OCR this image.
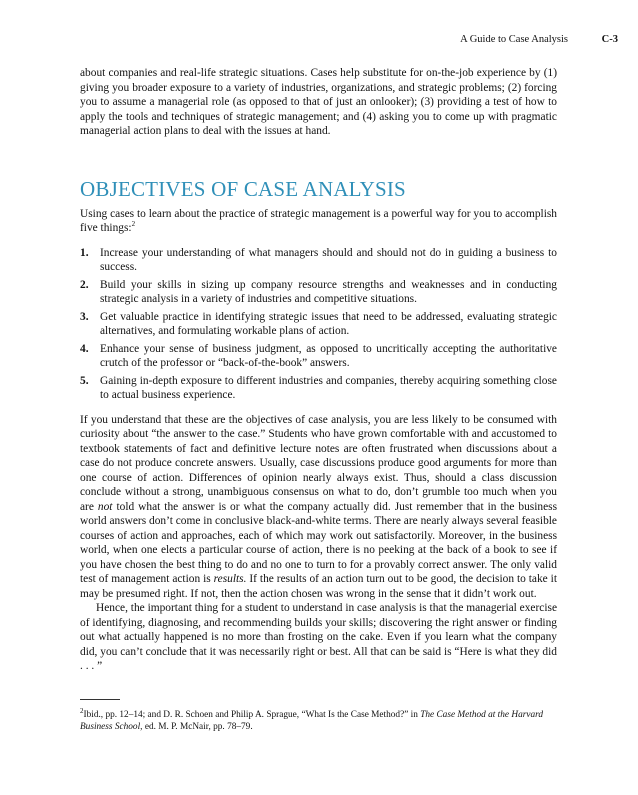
A Guide to Case Analysis	C-3

about companies and real-life strategic situations. Cases help substitute for on-the-job experience by (1) giving you broader exposure to a variety of industries, organizations, and strategic problems; (2) forcing you to assume a managerial role (as opposed to that of just an onlooker); (3) providing a test of how to apply the tools and techniques of strategic management; and (4) asking you to come up with pragmatic managerial action plans to deal with the issues at hand.

OBJECTIVES OF CASE ANALYSIS

Using cases to learn about the practice of strategic management is a powerful way for you to accomplish five things:$^2$

1. Increase your understanding of what managers should and should not do in guiding a business to success.
2. Build your skills in sizing up company resource strengths and weaknesses and in conducting strategic analysis in a variety of industries and competitive situations.
3. Get valuable practice in identifying strategic issues that need to be addressed, evaluating strategic alternatives, and formulating workable plans of action.
4. Enhance your sense of business judgment, as opposed to uncritically accepting the authoritative crutch of the professor or “back-of-the-book” answers.
5. Gaining in-depth exposure to different industries and companies, thereby acquiring something close to actual business experience.

If you understand that these are the objectives of case analysis, you are less likely to be consumed with curiosity about “the answer to the case.” Students who have grown comfortable with and accustomed to textbook statements of fact and definitive lecture notes are often frustrated when discussions about a case do not produce concrete answers. Usually, case discussions produce good arguments for more than one course of action. Differences of opinion nearly always exist. Thus, should a class discussion conclude without a strong, unambiguous consensus on what to do, don’t grumble too much when you are not told what the answer is or what the company actually did. Just remember that in the business world answers don’t come in conclusive black-and-white terms. There are nearly always several feasible courses of action and approaches, each of which may work out satisfactorily. Moreover, in the business world, when one elects a particular course of action, there is no peeking at the back of a book to see if you have chosen the best thing to do and no one to turn to for a provably correct answer. The only valid test of management action is results. If the results of an action turn out to be good, the decision to take it may be presumed right. If not, then the action chosen was wrong in the sense that it didn’t work out.

Hence, the important thing for a student to understand in case analysis is that the managerial exercise of identifying, diagnosing, and recommending builds your skills; discovering the right answer or finding out what actually happened is no more than frosting on the cake. Even if you learn what the company did, you can’t conclude that it was necessarily right or best. All that can be said is “Here is what they did . . . ”

$^2$Ibid., pp. 12–14; and D. R. Schoen and Philip A. Sprague, “What Is the Case Method?” in The Case Method at the Harvard Business School, ed. M. P. McNair, pp. 78–79.
